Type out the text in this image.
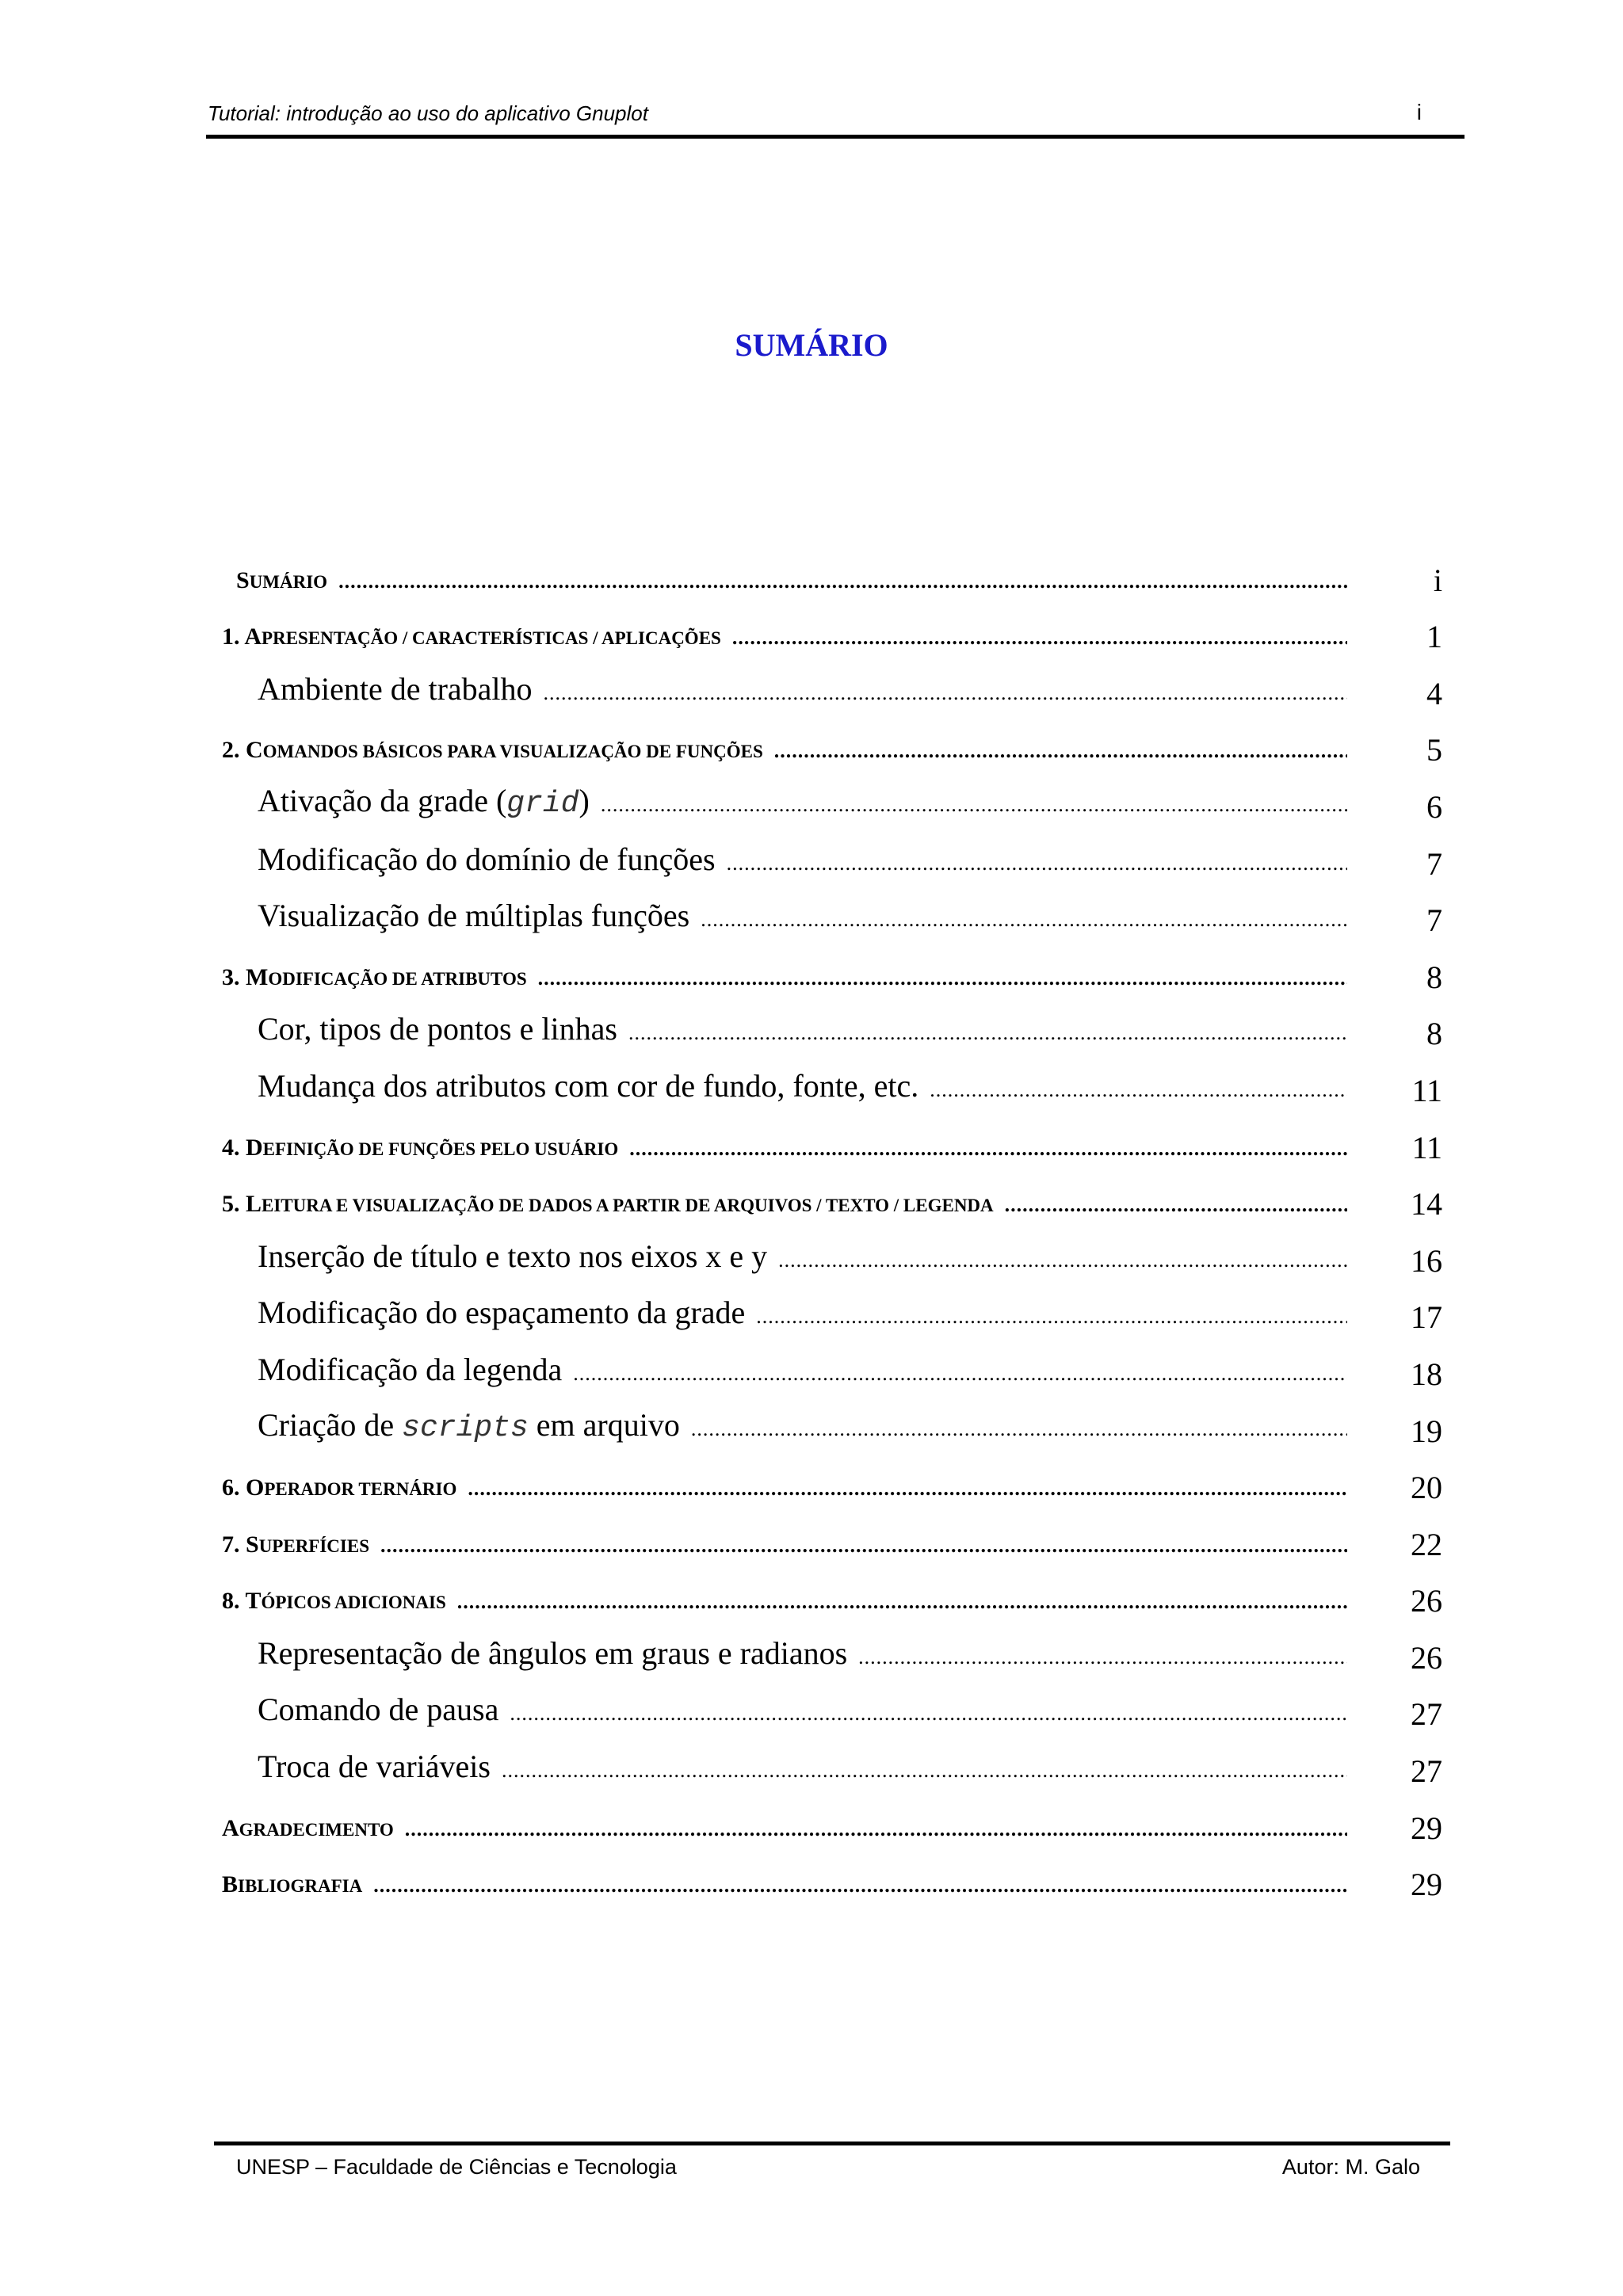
Tutorial: introdução ao uso do aplicativo Gnuplot	i
SUMÁRIO
SUMÁRIO .....	i
1. APRESENTAÇÃO / CARACTERÍSTICAS / APLICAÇÕES .....	1
Ambiente de trabalho .....	4
2. COMANDOS BÁSICOS PARA VISUALIZAÇÃO DE FUNÇÕES .....	5
Ativação da grade (grid) .....	6
Modificação do domínio de funções .....	7
Visualização de múltiplas funções .....	7
3. MODIFICAÇÃO DE ATRIBUTOS .....	8
Cor, tipos de pontos e linhas .....	8
Mudança dos atributos com cor de fundo, fonte, etc. .....	11
4. DEFINIÇÃO DE FUNÇÕES PELO USUÁRIO .....	11
5. LEITURA E VISUALIZAÇÃO DE DADOS A PARTIR DE ARQUIVOS / TEXTO / LEGENDA .....	14
Inserção de título e texto nos eixos x e y .....	16
Modificação do espaçamento da grade .....	17
Modificação da legenda .....	18
Criação de scripts em arquivo .....	19
6. OPERADOR TERNÁRIO .....	20
7. SUPERFÍCIES .....	22
8. TÓPICOS ADICIONAIS .....	26
Representação de ângulos em graus e radianos .....	26
Comando de pausa .....	27
Troca de variáveis .....	27
AGRADECIMENTO .....	29
BIBLIOGRAFIA .....	29
UNESP – Faculdade de Ciências e Tecnologia	Autor: M. Galo
